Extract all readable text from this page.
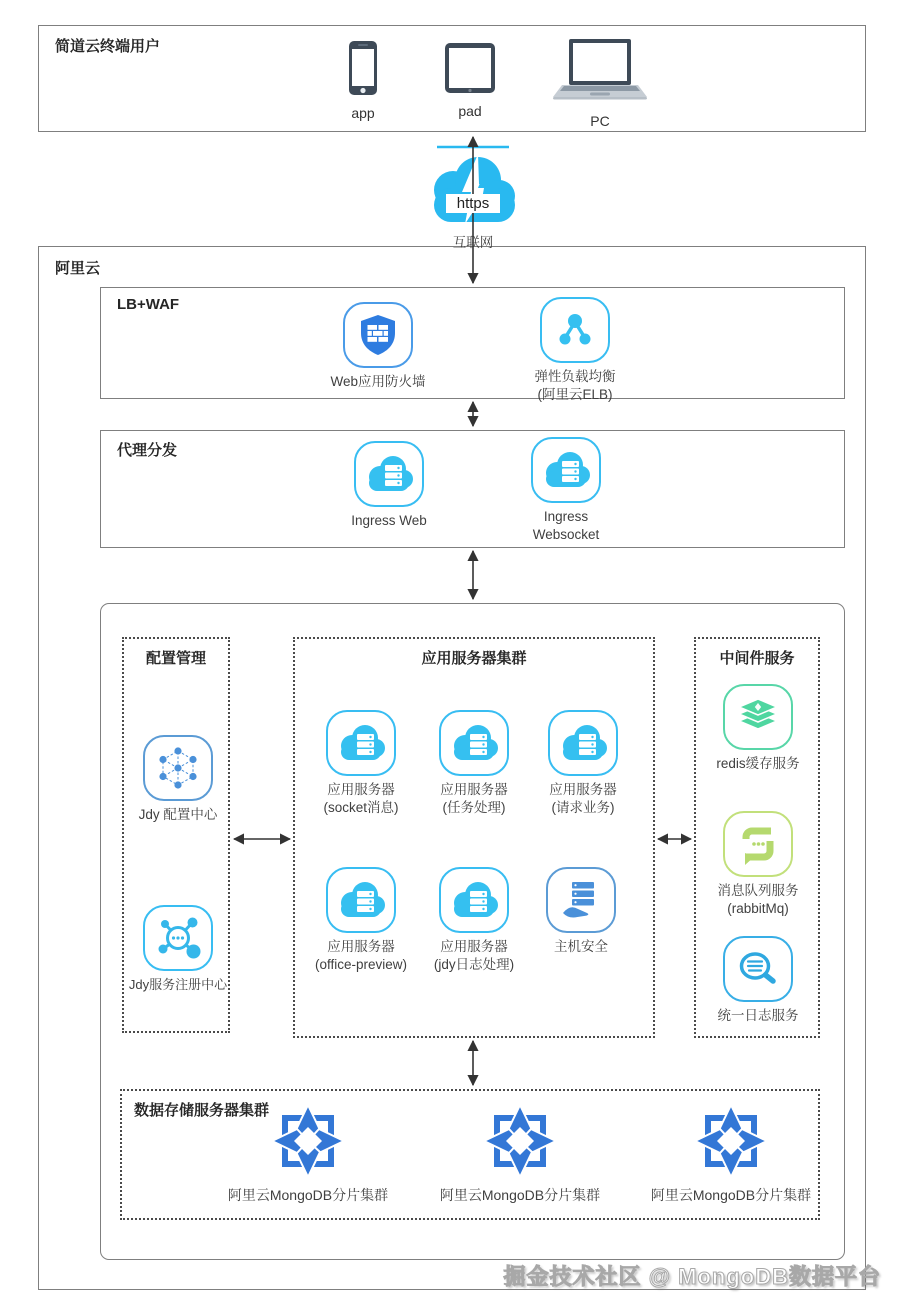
简道云终端用户
app	pad
PC
https
互联网
阿里云
LB+WAF
Web应用防火墙	弹性负载均衡
(阿里云ELB)
代理分发
Ingress Web	Ingress
Websocket
配置管理
Jdy 配置中心
Jdy服务注册中心
应用服务器集群
应用服务器
(socket消息)
应用服务器
(任务处理)
应用服务器
(请求业务)
应用服务器
(office-preview)
应用服务器
(jdy日志处理)
主机安全
中间件服务
redis缓存服务
消息队列服务
(rabbitMq)
统一日志服务
数据存储服务器集群
阿里云MongoDB分片集群	阿里云MongoDB分片集群	阿里云MongoDB分片集群
掘金技术社区 @ MongoDB数据平台
